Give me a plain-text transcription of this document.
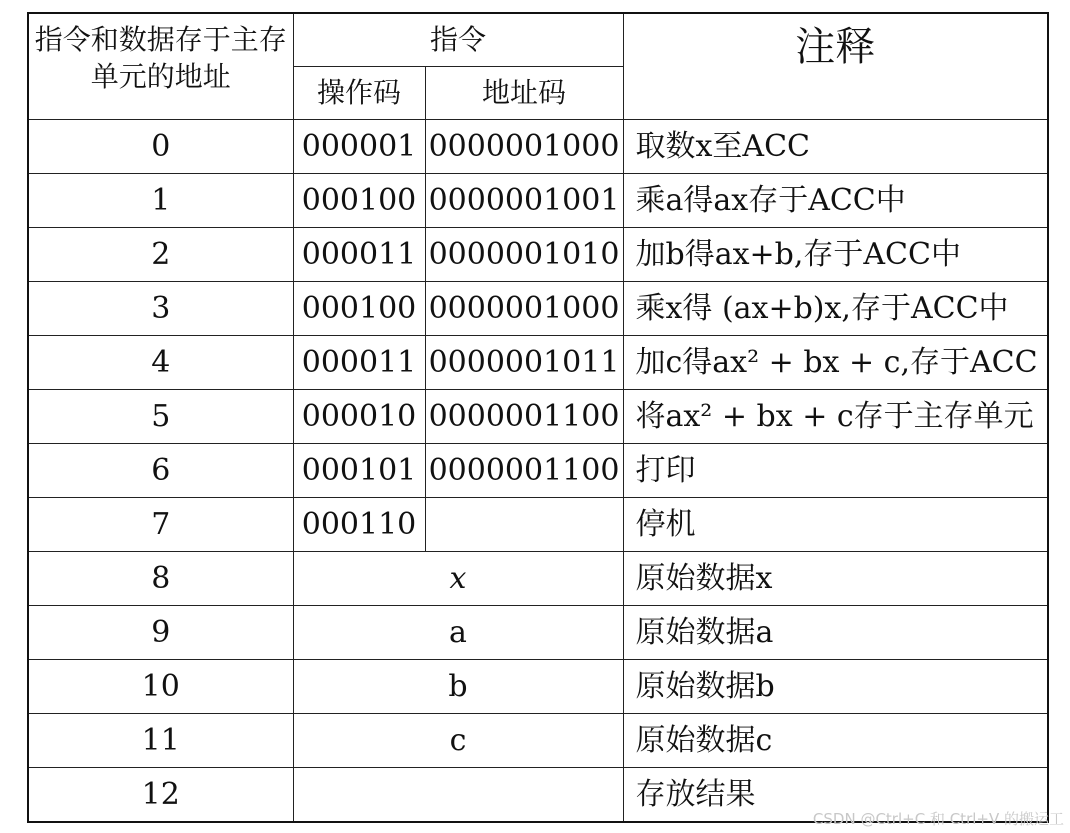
指令和数据存于主存单元的地址	指令		注释
	操作码	地址码	
0	000001	0000001000	取数x至ACC
1	000100	0000001001	乘a得ax存于ACC中
2	000011	0000001010	加b得ax+b,存于ACC中
3	000100	0000001000	乘x得 (ax+b)x,存于ACC中
4	000011	0000001011	加c得ax² + bx + c,存于ACC
5	000010	0000001100	将ax² + bx + c存于主存单元
6	000101	0000001100	打印
7	000110		停机
8	x		原始数据x
9	a		原始数据a
10	b		原始数据b
11	c		原始数据c
12			存放结果
CSDN @Ctrl+C 和 Ctrl+V 的搬运工
